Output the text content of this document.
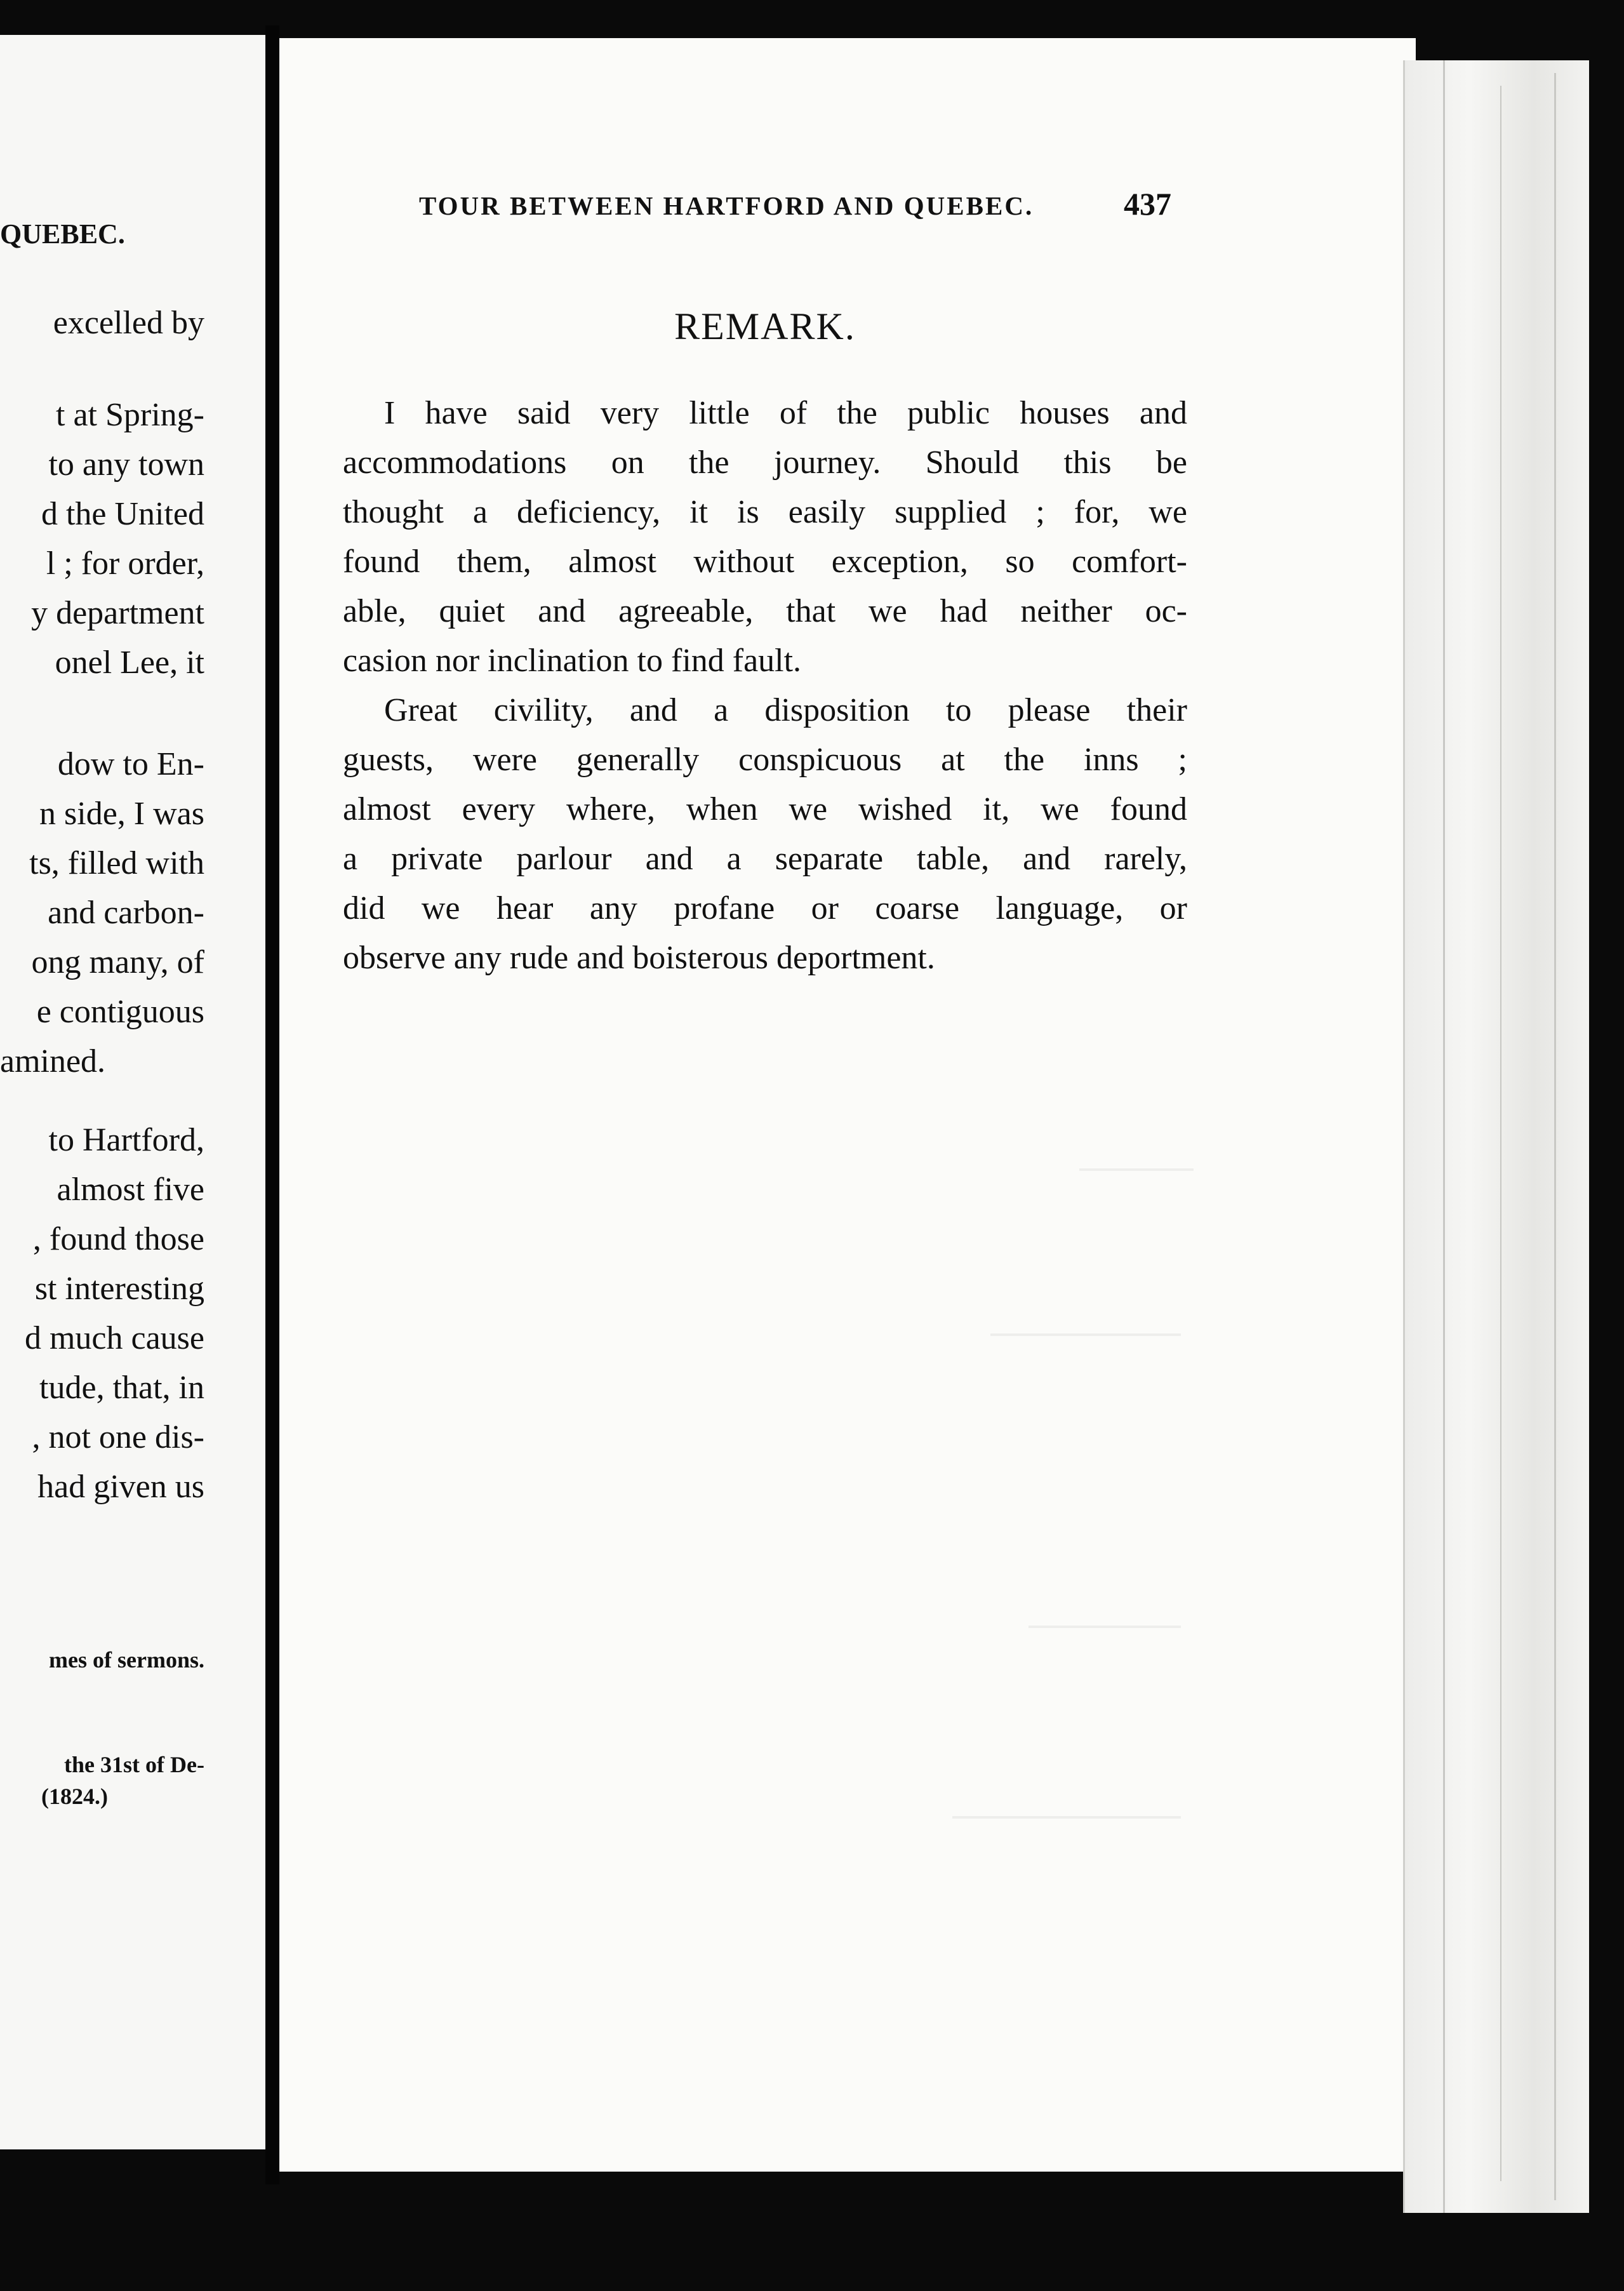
QUEBEC.
excelled by
t at Spring-
to any town
d the United
l ; for order,
y department
onel Lee, it
dow to En-
n side, I was
ts, filled with
and carbon-
ong many, of
e contiguous
amined.
to Hartford,
almost five
, found those
st interesting
d much cause
tude, that, in
, not one dis-
had given us
mes of sermons.
the 31st of De-
(1824.)
TOUR BETWEEN HARTFORD AND QUEBEC.	437
REMARK.
I have said very little of the public houses and
accommodations on the journey. Should this be
thought a deficiency, it is easily supplied ; for, we
found them, almost without exception, so comfort-
able, quiet and agreeable, that we had neither oc-
casion nor inclination to find fault.
Great civility, and a disposition to please their
guests, were generally conspicuous at the inns ;
almost every where, when we wished it, we found
a private parlour and a separate table, and rarely,
did we hear any profane or coarse language, or
observe any rude and boisterous deportment.
